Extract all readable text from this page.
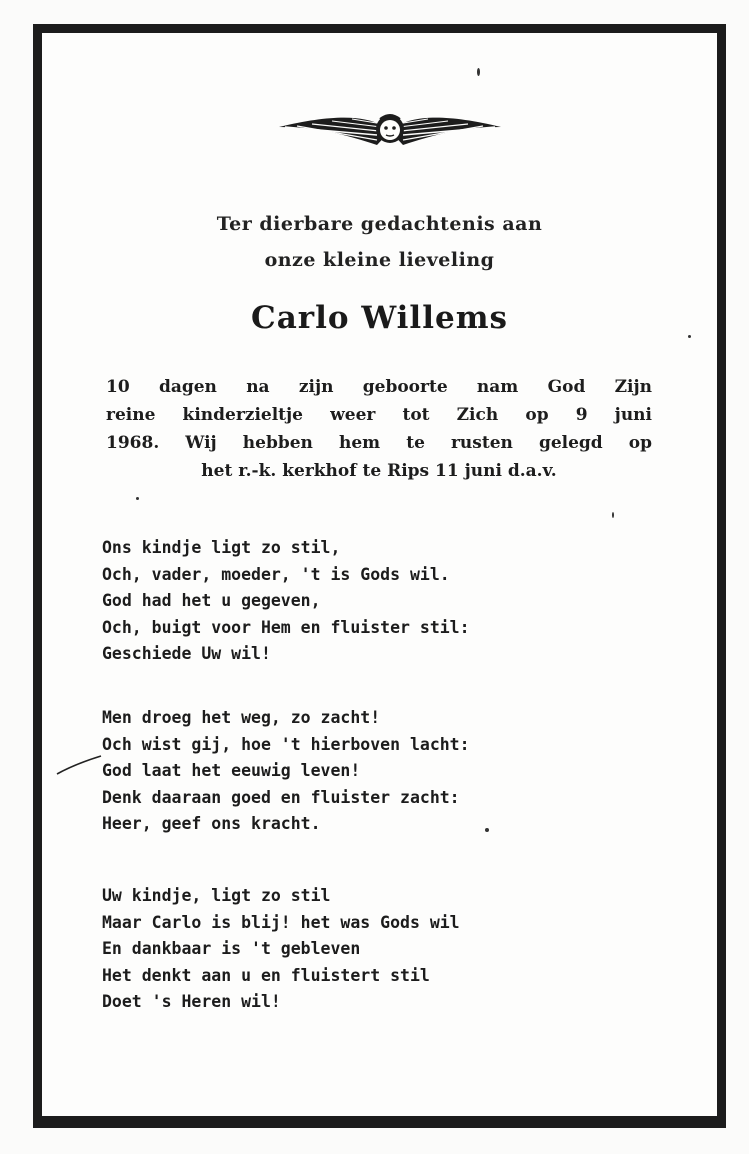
Ter dierbare gedachtenis aan
onze kleine lieveling
Carlo Willems
10 dagen na zijn geboorte nam God Zijn
reine kinderzieltje weer tot Zich op 9 juni
1968. Wij hebben hem te rusten gelegd op
het r.-k. kerkhof te Rips 11 juni d.a.v.
Ons kindje ligt zo stil,
Och, vader, moeder, 't is Gods wil.
God had het u gegeven,
Och, buigt voor Hem en fluister stil:
Geschiede Uw wil!
Men droeg het weg, zo zacht!
Och wist gij, hoe 't hierboven lacht:
God laat het eeuwig leven!
Denk daaraan goed en fluister zacht:
Heer, geef ons kracht.
Uw kindje, ligt zo stil
Maar Carlo is blij! het was Gods wil
En dankbaar is 't gebleven
Het denkt aan u en fluistert stil
Doet 's Heren wil!
